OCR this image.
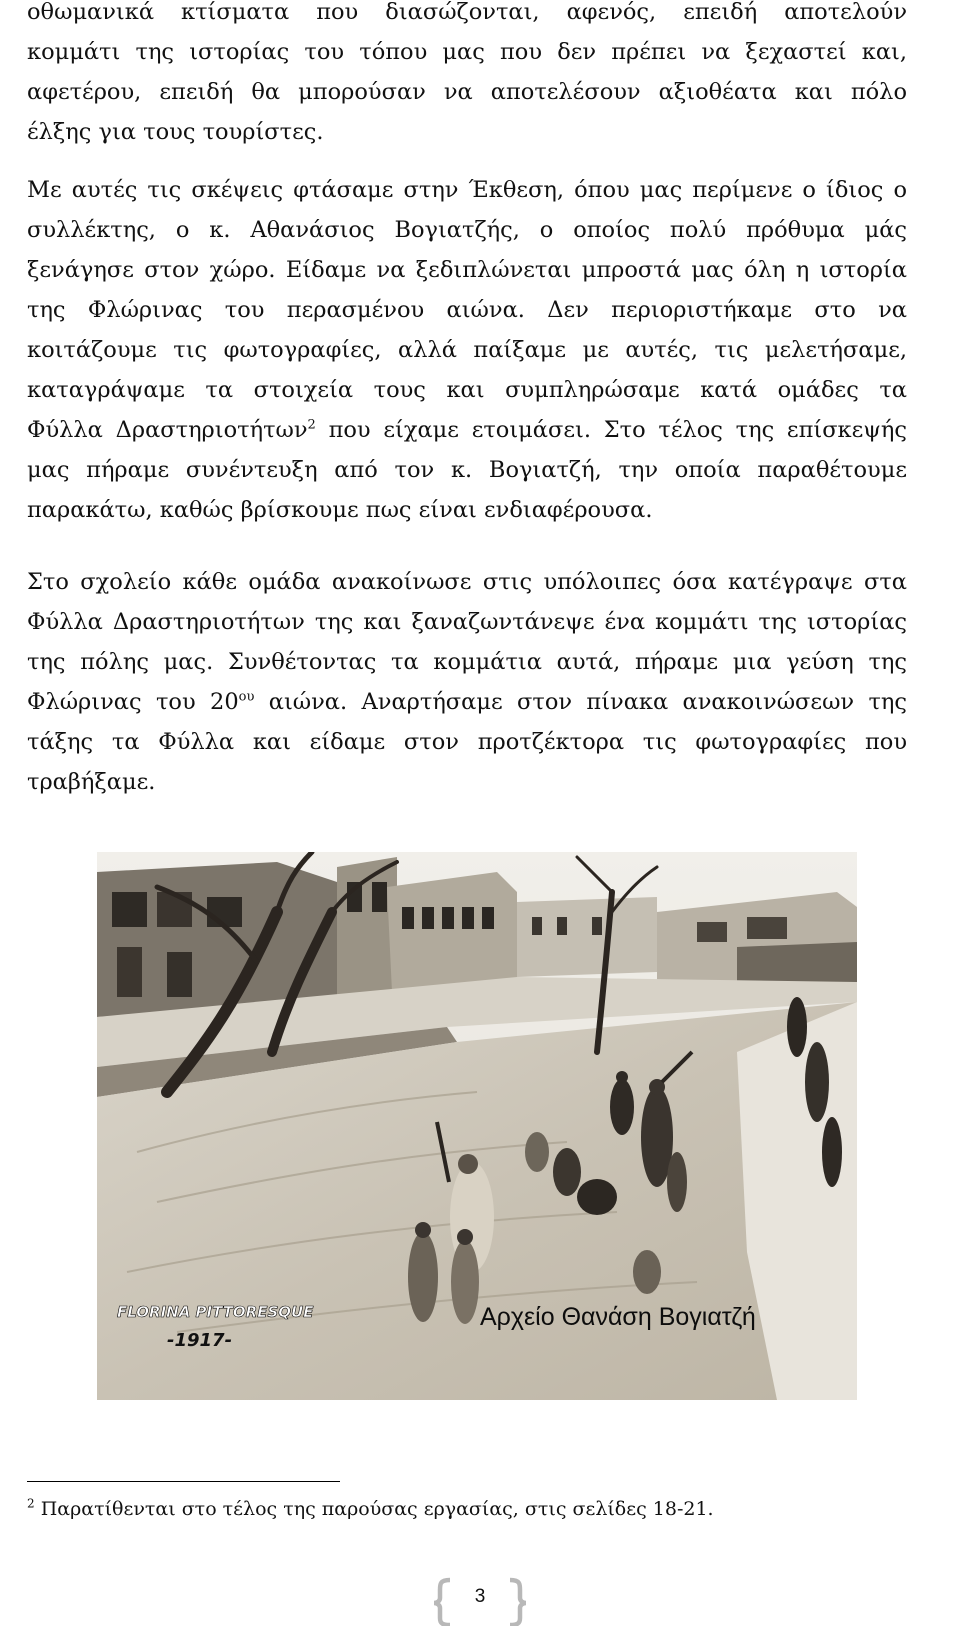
οθωμανικά κτίσματα που διασώζονται, αφενός, επειδή αποτελούν
κομμάτι της ιστορίας του τόπου μας που δεν πρέπει να ξεχαστεί και,
αφετέρου, επειδή θα μπορούσαν να αποτελέσουν αξιοθέατα και πόλο
έλξης για τους τουρίστες.
Με αυτές τις σκέψεις φτάσαμε στην Έκθεση, όπου μας περίμενε ο ίδιος ο
συλλέκτης, ο κ. Αθανάσιος Βογιατζής, ο οποίος πολύ πρόθυμα μάς
ξενάγησε στον χώρο. Είδαμε να ξεδιπλώνεται μπροστά μας όλη η ιστορία
της Φλώρινας του περασμένου αιώνα. Δεν περιοριστήκαμε στο να
κοιτάζουμε τις φωτογραφίες, αλλά παίξαμε με αυτές, τις μελετήσαμε,
καταγράψαμε τα στοιχεία τους και συμπληρώσαμε κατά ομάδες τα
Φύλλα Δραστηριοτήτων$^2$ που είχαμε ετοιμάσει. Στο τέλος της επίσκεψής
μας πήραμε συνέντευξη από τον κ. Βογιατζή, την οποία παραθέτουμε
παρακάτω, καθώς βρίσκουμε πως είναι ενδιαφέρουσα.
Στο σχολείο κάθε ομάδα ανακοίνωσε στις υπόλοιπες όσα κατέγραψε στα
Φύλλα Δραστηριοτήτων της και ξαναζωντάνεψε ένα κομμάτι της ιστορίας
της πόλης μας. Συνθέτοντας τα κομμάτια αυτά, πήραμε μια γεύση της
Φλώρινας του $20^{o\upsilon}$ αιώνα. Αναρτήσαμε στον πίνακα ανακοινώσεων της
τάξης τα Φύλλα και είδαμε στον προτζέκτορα τις φωτογραφίες που
τραβήξαμε.
FLORINA PITTORESQUE
-1917-
Αρχείο Θανάση Βογιατζή
$^2$ Παρατίθενται στο τέλος της παρούσας εργασίας, στις σελίδες 18-21.
3
